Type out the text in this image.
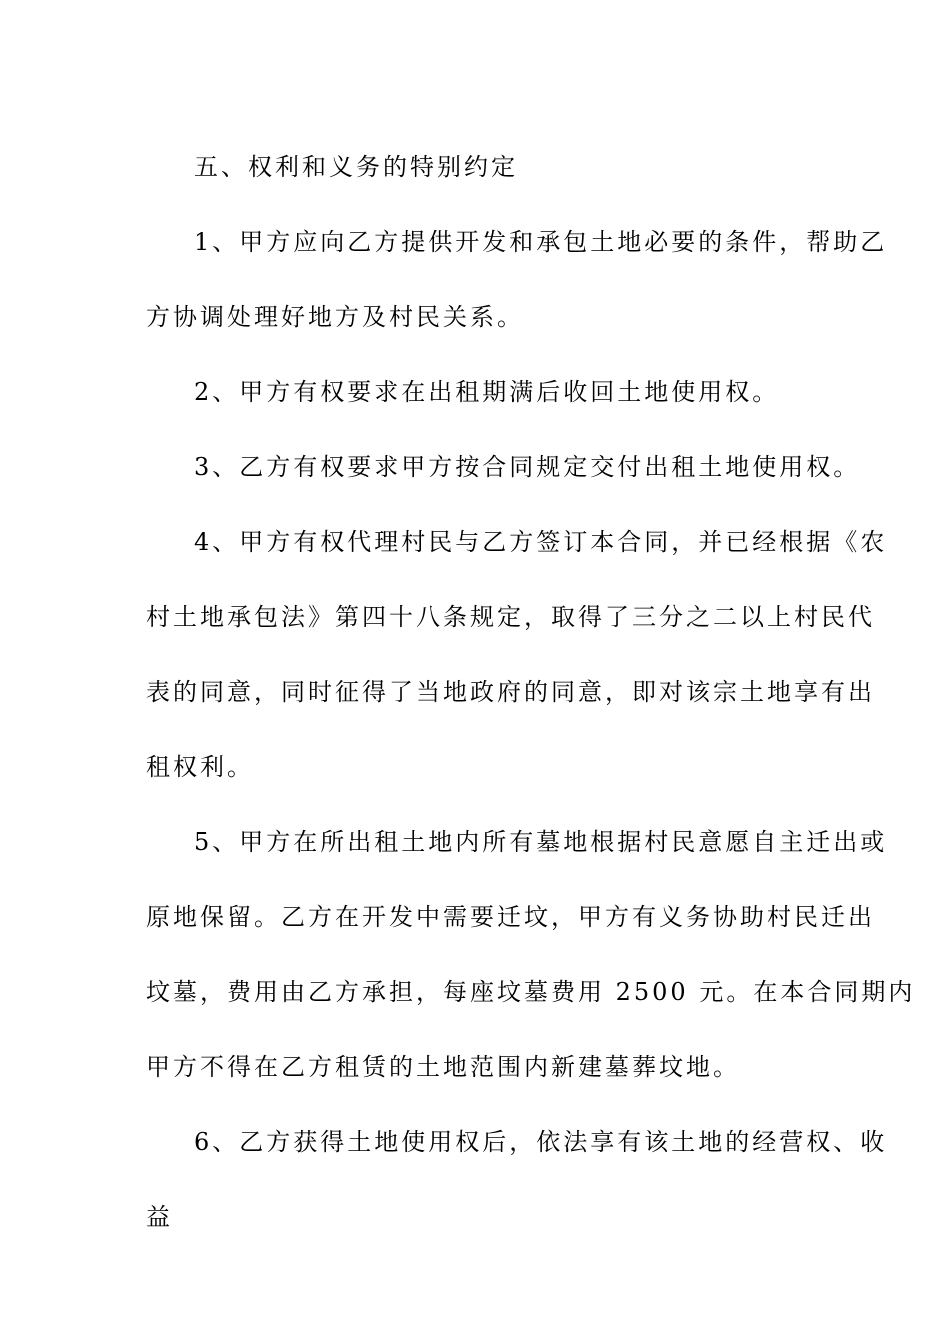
五、权利和义务的特别约定
1、甲方应向乙方提供开发和承包土地必要的条件，帮助乙
方协调处理好地方及村民关系。
2、甲方有权要求在出租期满后收回土地使用权。
3、乙方有权要求甲方按合同规定交付出租土地使用权。
4、甲方有权代理村民与乙方签订本合同，并已经根据《农
村土地承包法》第四十八条规定，取得了三分之二以上村民代
表的同意，同时征得了当地政府的同意，即对该宗土地享有出
租权利。
5、甲方在所出租土地内所有墓地根据村民意愿自主迁出或
原地保留。乙方在开发中需要迁坟，甲方有义务协助村民迁出
坟墓，费用由乙方承担，每座坟墓费用 2500 元。在本合同期内
甲方不得在乙方租赁的土地范围内新建墓葬坟地。
6、乙方获得土地使用权后，依法享有该土地的经营权、收
益
